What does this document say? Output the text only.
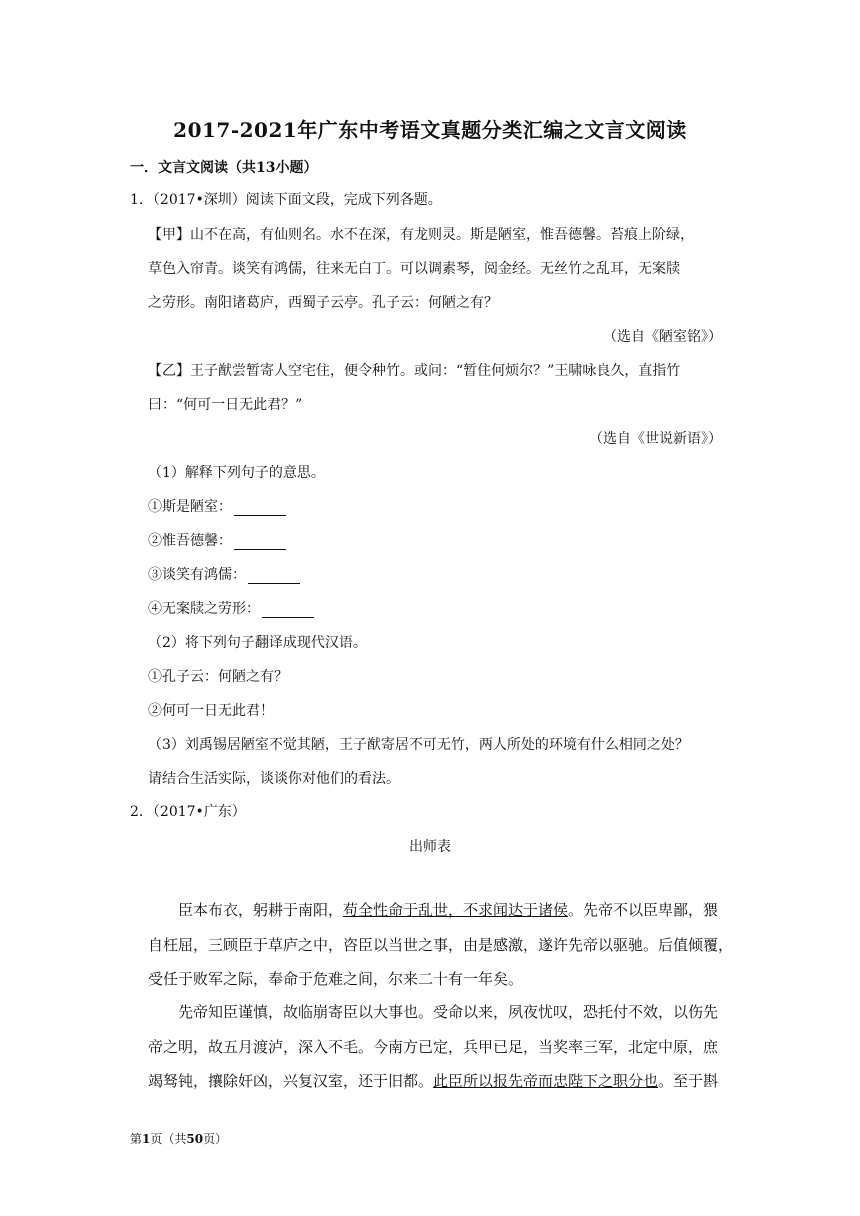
2017-2021年广东中考语文真题分类汇编之文言文阅读
一．文言文阅读（共13小题）
1．（2017•深圳）阅读下面文段，完成下列各题。
【甲】山不在高，有仙则名。水不在深，有龙则灵。斯是陋室，惟吾德馨。苔痕上阶绿，
草色入帘青。谈笑有鸿儒，往来无白丁。可以调素琴，阅金经。无丝竹之乱耳，无案牍
之劳形。南阳诸葛庐，西蜀子云亭。孔子云：何陋之有？
（选自《陋室铭》）
【乙】王子猷尝暂寄人空宅住，便令种竹。或问：“暂住何烦尔？”王啸咏良久，直指竹
曰：“何可一日无此君？”
（选自《世说新语》）
（1）解释下列句子的意思。
①斯是陋室：
②惟吾德馨：
③谈笑有鸿儒：
④无案牍之劳形：
（2）将下列句子翻译成现代汉语。
①孔子云：何陋之有？
②何可一日无此君！
（3）刘禹锡居陋室不觉其陋，王子猷寄居不可无竹，两人所处的环境有什么相同之处？
请结合生活实际，谈谈你对他们的看法。
2．（2017•广东）
出师表
臣本布衣，躬耕于南阳，苟全性命于乱世，不求闻达于诸侯。先帝不以臣卑鄙，猥
自枉屈，三顾臣于草庐之中，咨臣以当世之事，由是感激，遂许先帝以驱驰。后值倾覆，
受任于败军之际，奉命于危难之间，尔来二十有一年矣。
先帝知臣谨慎，故临崩寄臣以大事也。受命以来，夙夜忧叹，恐托付不效，以伤先
帝之明，故五月渡泸，深入不毛。今南方已定，兵甲已足，当奖率三军，北定中原，庶
竭驽钝，攘除奸凶，兴复汉室，还于旧都。此臣所以报先帝而忠陛下之职分也。至于斟
第1页（共50页）
